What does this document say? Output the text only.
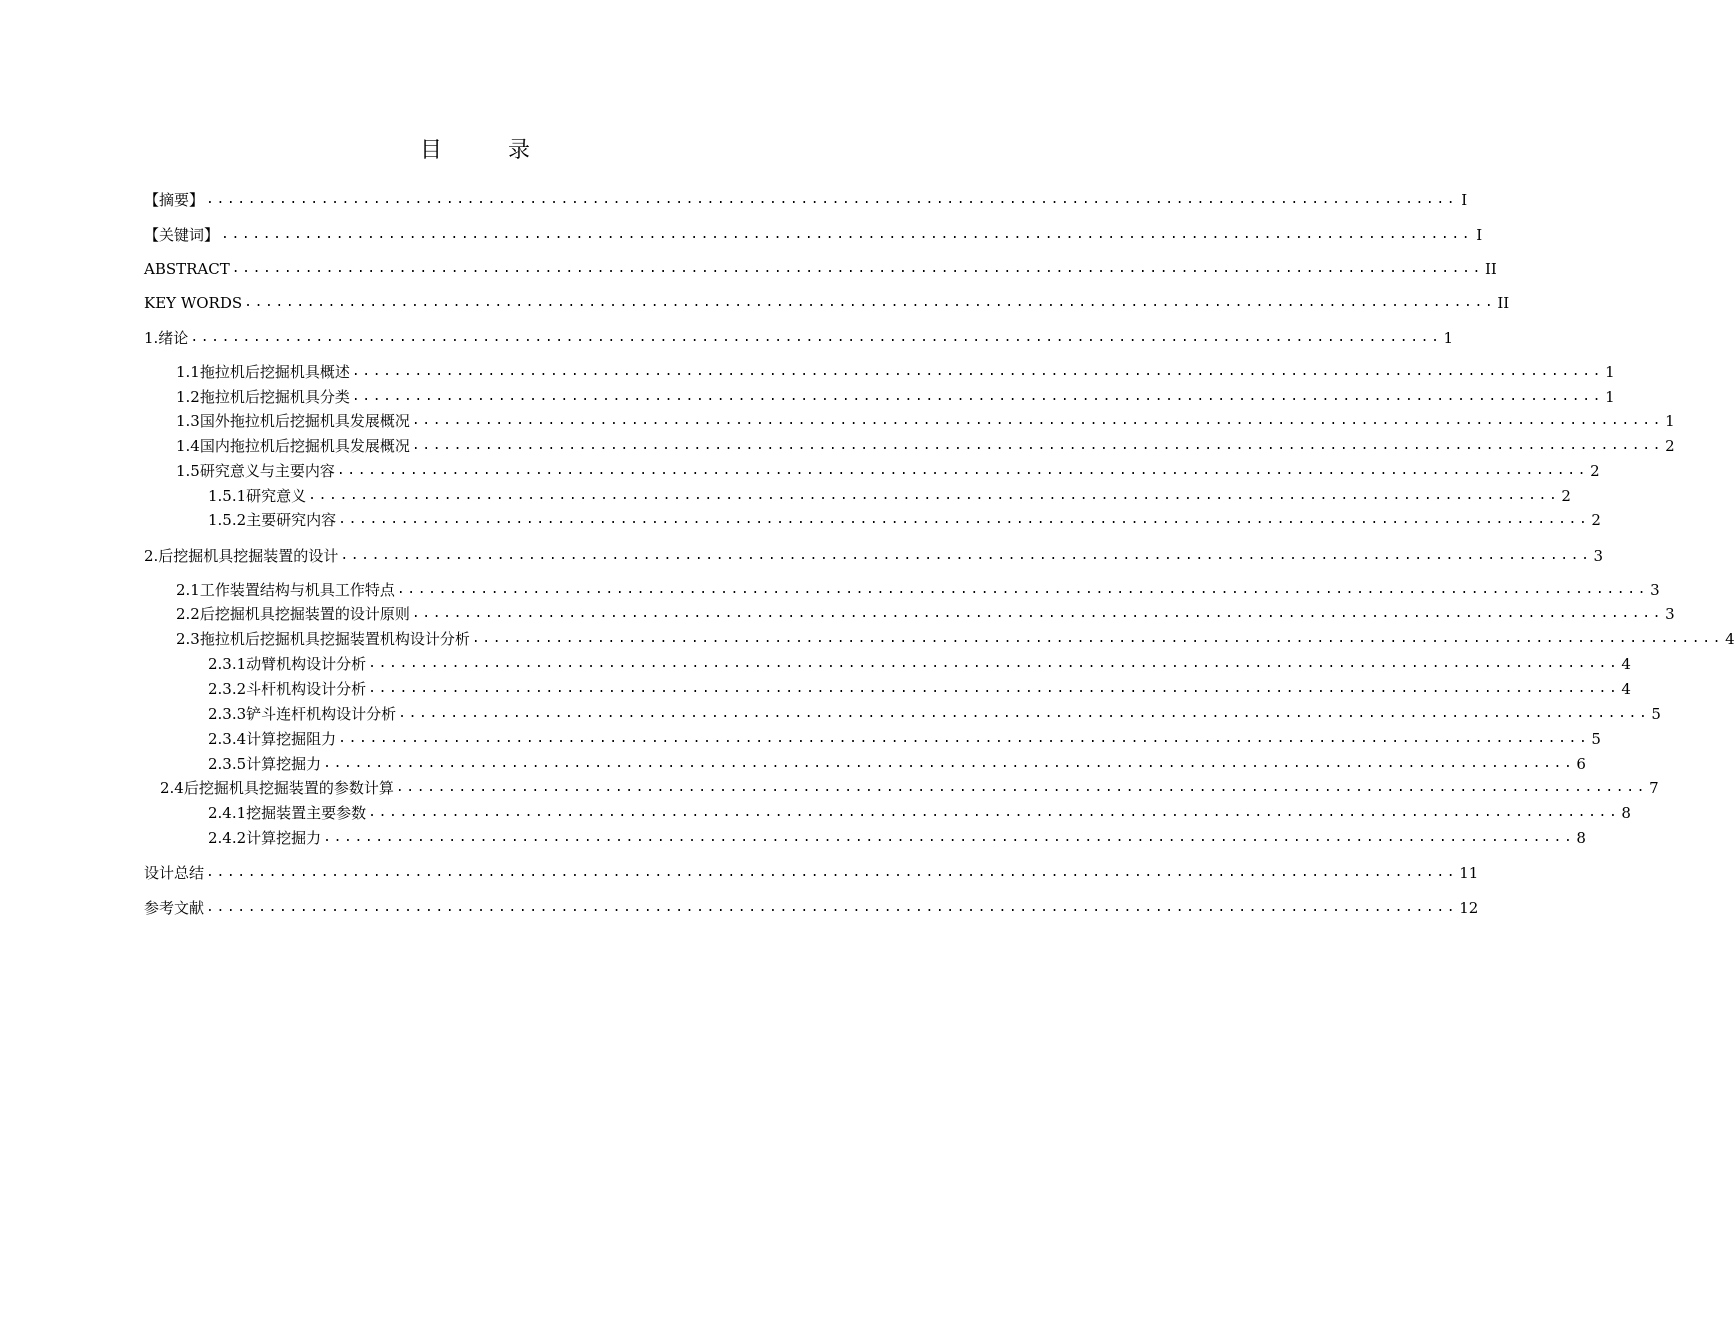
目　录
【摘要】 ........................................................................................................................ I
【关键词】 ........................................................................................................................ I
ABSTRACT ........................................................................................................................ II
KEY WORDS ........................................................................................................................ II
1.绪论 ........................................................................................................................ 1
1.1拖拉机后挖掘机具概述 ........................................................................................................................ 1
1.2拖拉机后挖掘机具分类 ........................................................................................................................ 1
1.3国外拖拉机后挖掘机具发展概况 ........................................................................................................................ 1
1.4国内拖拉机后挖掘机具发展概况 ........................................................................................................................ 2
1.5研究意义与主要内容 ........................................................................................................................ 2
1.5.1研究意义 ........................................................................................................................ 2
1.5.2主要研究内容 ........................................................................................................................ 2
2.后挖掘机具挖掘装置的设计 ........................................................................................................................ 3
2.1工作装置结构与机具工作特点 ........................................................................................................................ 3
2.2后挖掘机具挖掘装置的设计原则 ........................................................................................................................ 3
2.3拖拉机后挖掘机具挖掘装置机构设计分析 ........................................................................................................................ 4
2.3.1动臂机构设计分析 ........................................................................................................................ 4
2.3.2斗杆机构设计分析 ........................................................................................................................ 4
2.3.3铲斗连杆机构设计分析 ........................................................................................................................ 5
2.3.4计算挖掘阻力 ........................................................................................................................ 5
2.3.5计算挖掘力 ........................................................................................................................ 6
2.4后挖掘机具挖掘装置的参数计算 ........................................................................................................................ 7
2.4.1挖掘装置主要参数 ........................................................................................................................ 8
2.4.2计算挖掘力 ........................................................................................................................ 8
设计总结 ........................................................................................................................ 11
参考文献 ........................................................................................................................ 12
